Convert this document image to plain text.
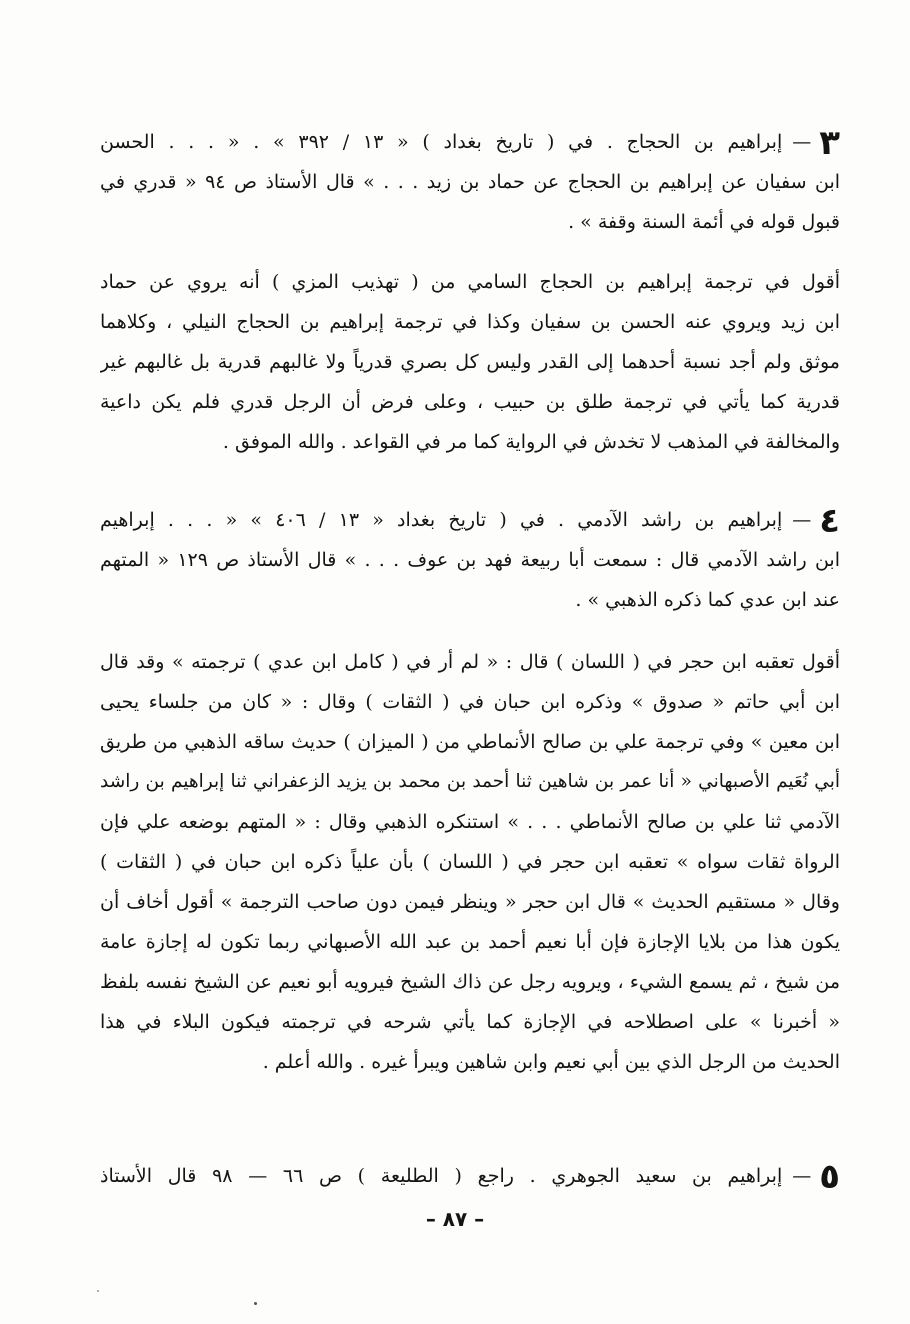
٣—إبراهيم بن الحجاج . في ( تاريخ بغداد ) « ١٣ / ٣٩٢ » . « . . . الحسن
ابن سفيان عن إبراهيم بن الحجاج عن حماد بن زيد . . . » قال الأستاذ ص ٩٤ « قدري في
قبول قوله في أئمة السنة وقفة » .
أقول في ترجمة إبراهيم بن الحجاج السامي من ( تهذيب المزي ) أنه يروي عن حماد
ابن زيد ويروي عنه الحسن بن سفيان وكذا في ترجمة إبراهيم بن الحجاج النيلي ، وكلاهما
موثق ولم أجد نسبة أحدهما إلى القدر وليس كل بصري قدرياً ولا غالبهم قدرية بل غالبهم غير
قدرية كما يأتي في ترجمة طلق بن حبيب ، وعلى فرض أن الرجل قدري فلم يكن داعية
والمخالفة في المذهب لا تخدش في الرواية كما مر في القواعد . والله الموفق .
٤—إبراهيم بن راشد الآدمي . في ( تاريخ بغداد « ١٣ / ٤٠٦ » « . . . إبراهيم
ابن راشد الآدمي قال : سمعت أبا ربيعة فهد بن عوف . . . » قال الأستاذ ص ١٢٩ « المتهم
عند ابن عدي كما ذكره الذهبي » .
أقول تعقبه ابن حجر في ( اللسان ) قال : « لم أر في ( كامل ابن عدي ) ترجمته » وقد قال
ابن أبي حاتم « صدوق » وذكره ابن حبان في ( الثقات ) وقال : « كان من جلساء يحيى
ابن معين » وفي ترجمة علي بن صالح الأنماطي من ( الميزان ) حديث ساقه الذهبي من طريق
أبي نُعَيم الأصبهاني « أنا عمر بن شاهين ثنا أحمد بن محمد بن يزيد الزعفراني ثنا إبراهيم بن راشد
الآدمي ثنا علي بن صالح الأنماطي . . . » استنكره الذهبي وقال : « المتهم بوضعه علي فإن
الرواة ثقات سواه » تعقبه ابن حجر في ( اللسان ) بأن علياً ذكره ابن حبان في ( الثقات )
وقال « مستقيم الحديث » قال ابن حجر « وينظر فيمن دون صاحب الترجمة » أقول أخاف أن
يكون هذا من بلايا الإجازة فإن أبا نعيم أحمد بن عبد الله الأصبهاني ربما تكون له إجازة عامة
من شيخ ، ثم يسمع الشيء ، ويرويه رجل عن ذاك الشيخ فيرويه أبو نعيم عن الشيخ نفسه بلفظ
« أخبرنا » على اصطلاحه في الإجازة كما يأتي شرحه في ترجمته فيكون البلاء في هذا
الحديث من الرجل الذي بين أبي نعيم وابن شاهين ويبرأ غيره . والله أعلم .
٥—إبراهيم بن سعيد الجوهري . راجع ( الطليعة ) ص ٦٦ — ٩٨ قال الأستاذ
– ٨٧ –
